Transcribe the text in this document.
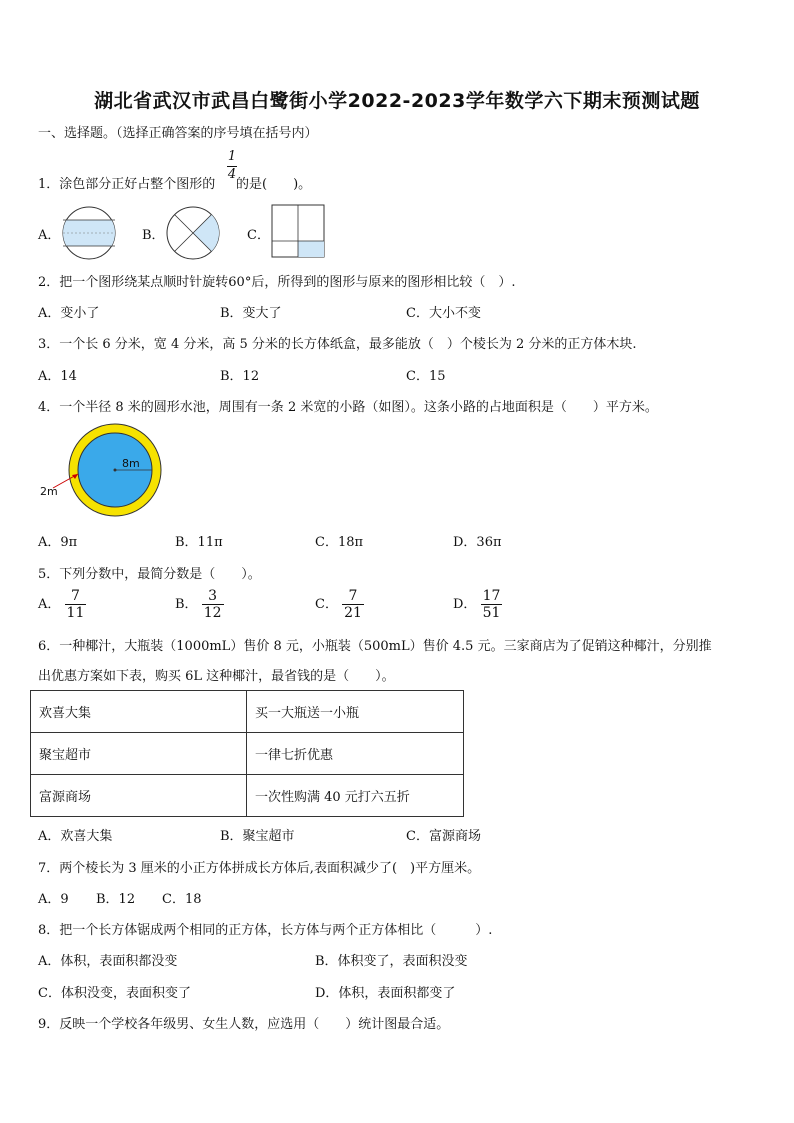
湖北省武汉市武昌白鹭街小学2022-2023学年数学六下期末预测试题
一、选择题。（选择正确答案的序号填在括号内）
1．涂色部分正好占整个图形的
1
4
的是(　　)。
A．	B．	C．
2．把一个图形绕某点顺时针旋转60°后，所得到的图形与原来的图形相比较（　）.
A．变小了	B．变大了	C．大小不变
3．一个长 6 分米，宽 4 分米，高 5 分米的长方体纸盒，最多能放（　）个棱长为 2 分米的正方体木块.
A．14	B．12	C．15
4．一个半径 8 米的圆形水池，周围有一条 2 米宽的小路（如图）。这条小路的占地面积是（　　）平方米。
8m
2m
A．9π	B．11π	C．18π	D．36π
5．下列分数中，最简分数是（　　）。
A． $\frac{7}{11}$	B． $\frac{3}{12}$	C． $\frac{7}{21}$	D． $\frac{17}{51}$
6．一种椰汁，大瓶装（1000mL）售价 8 元，小瓶装（500mL）售价 4.5 元。三家商店为了促销这种椰汁，分别推
出优惠方案如下表，购买 6L 这种椰汁，最省钱的是（　　）。
欢喜大集	买一大瓶送一小瓶
聚宝超市	一律七折优惠
富源商场	一次性购满 40 元打六五折
A．欢喜大集	B．聚宝超市	C．富源商场
7．两个棱长为 3 厘米的小正方体拼成长方体后,表面积减少了(　)平方厘米。
A．9 B．12 C．18
8．把一个长方体锯成两个相同的正方体，长方体与两个正方体相比（　　　）.
A．体积，表面积都没变	B．体积变了，表面积没变
C．体积没变，表面积变了	D．体积，表面积都变了
9．反映一个学校各年级男、女生人数，应选用（　　）统计图最合适。
